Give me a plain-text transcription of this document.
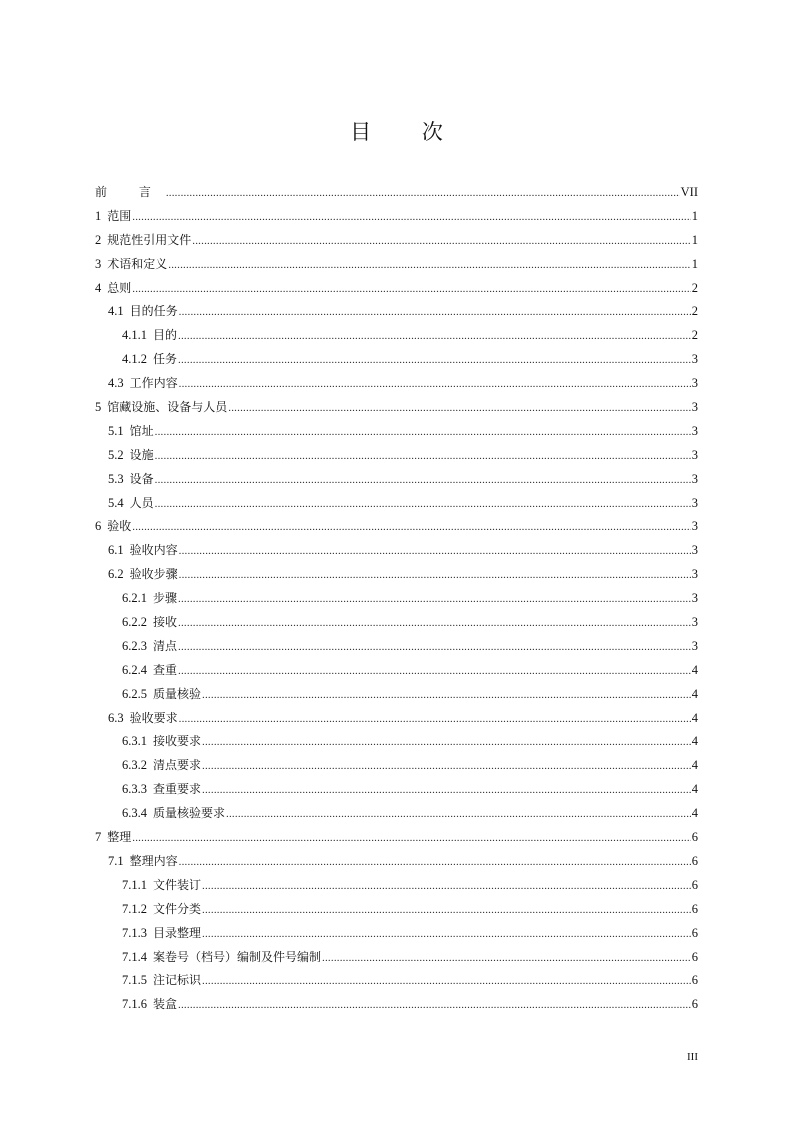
目 次
前 言 .....	VII
1 范围 .....	1
2 规范性引用文件 .....	1
3 术语和定义 .....	1
4 总则 .....	2
4.1 目的任务 .....	2
4.1.1 目的 .....	2
4.1.2 任务 .....	3
4.3 工作内容 .....	3
5 馆藏设施、设备与人员 .....	3
5.1 馆址 .....	3
5.2 设施 .....	3
5.3 设备 .....	3
5.4 人员 .....	3
6 验收 .....	3
6.1 验收内容 .....	3
6.2 验收步骤 .....	3
6.2.1 步骤 .....	3
6.2.2 接收 .....	3
6.2.3 清点 .....	3
6.2.4 查重 .....	4
6.2.5 质量核验 .....	4
6.3 验收要求 .....	4
6.3.1 接收要求 .....	4
6.3.2 清点要求 .....	4
6.3.3 查重要求 .....	4
6.3.4 质量核验要求 .....	4
7 整理 .....	6
7.1 整理内容 .....	6
7.1.1 文件装订 .....	6
7.1.2 文件分类 .....	6
7.1.3 目录整理 .....	6
7.1.4 案卷号（档号）编制及件号编制 .....	6
7.1.5 注记标识 .....	6
7.1.6 装盒 .....	6
III
